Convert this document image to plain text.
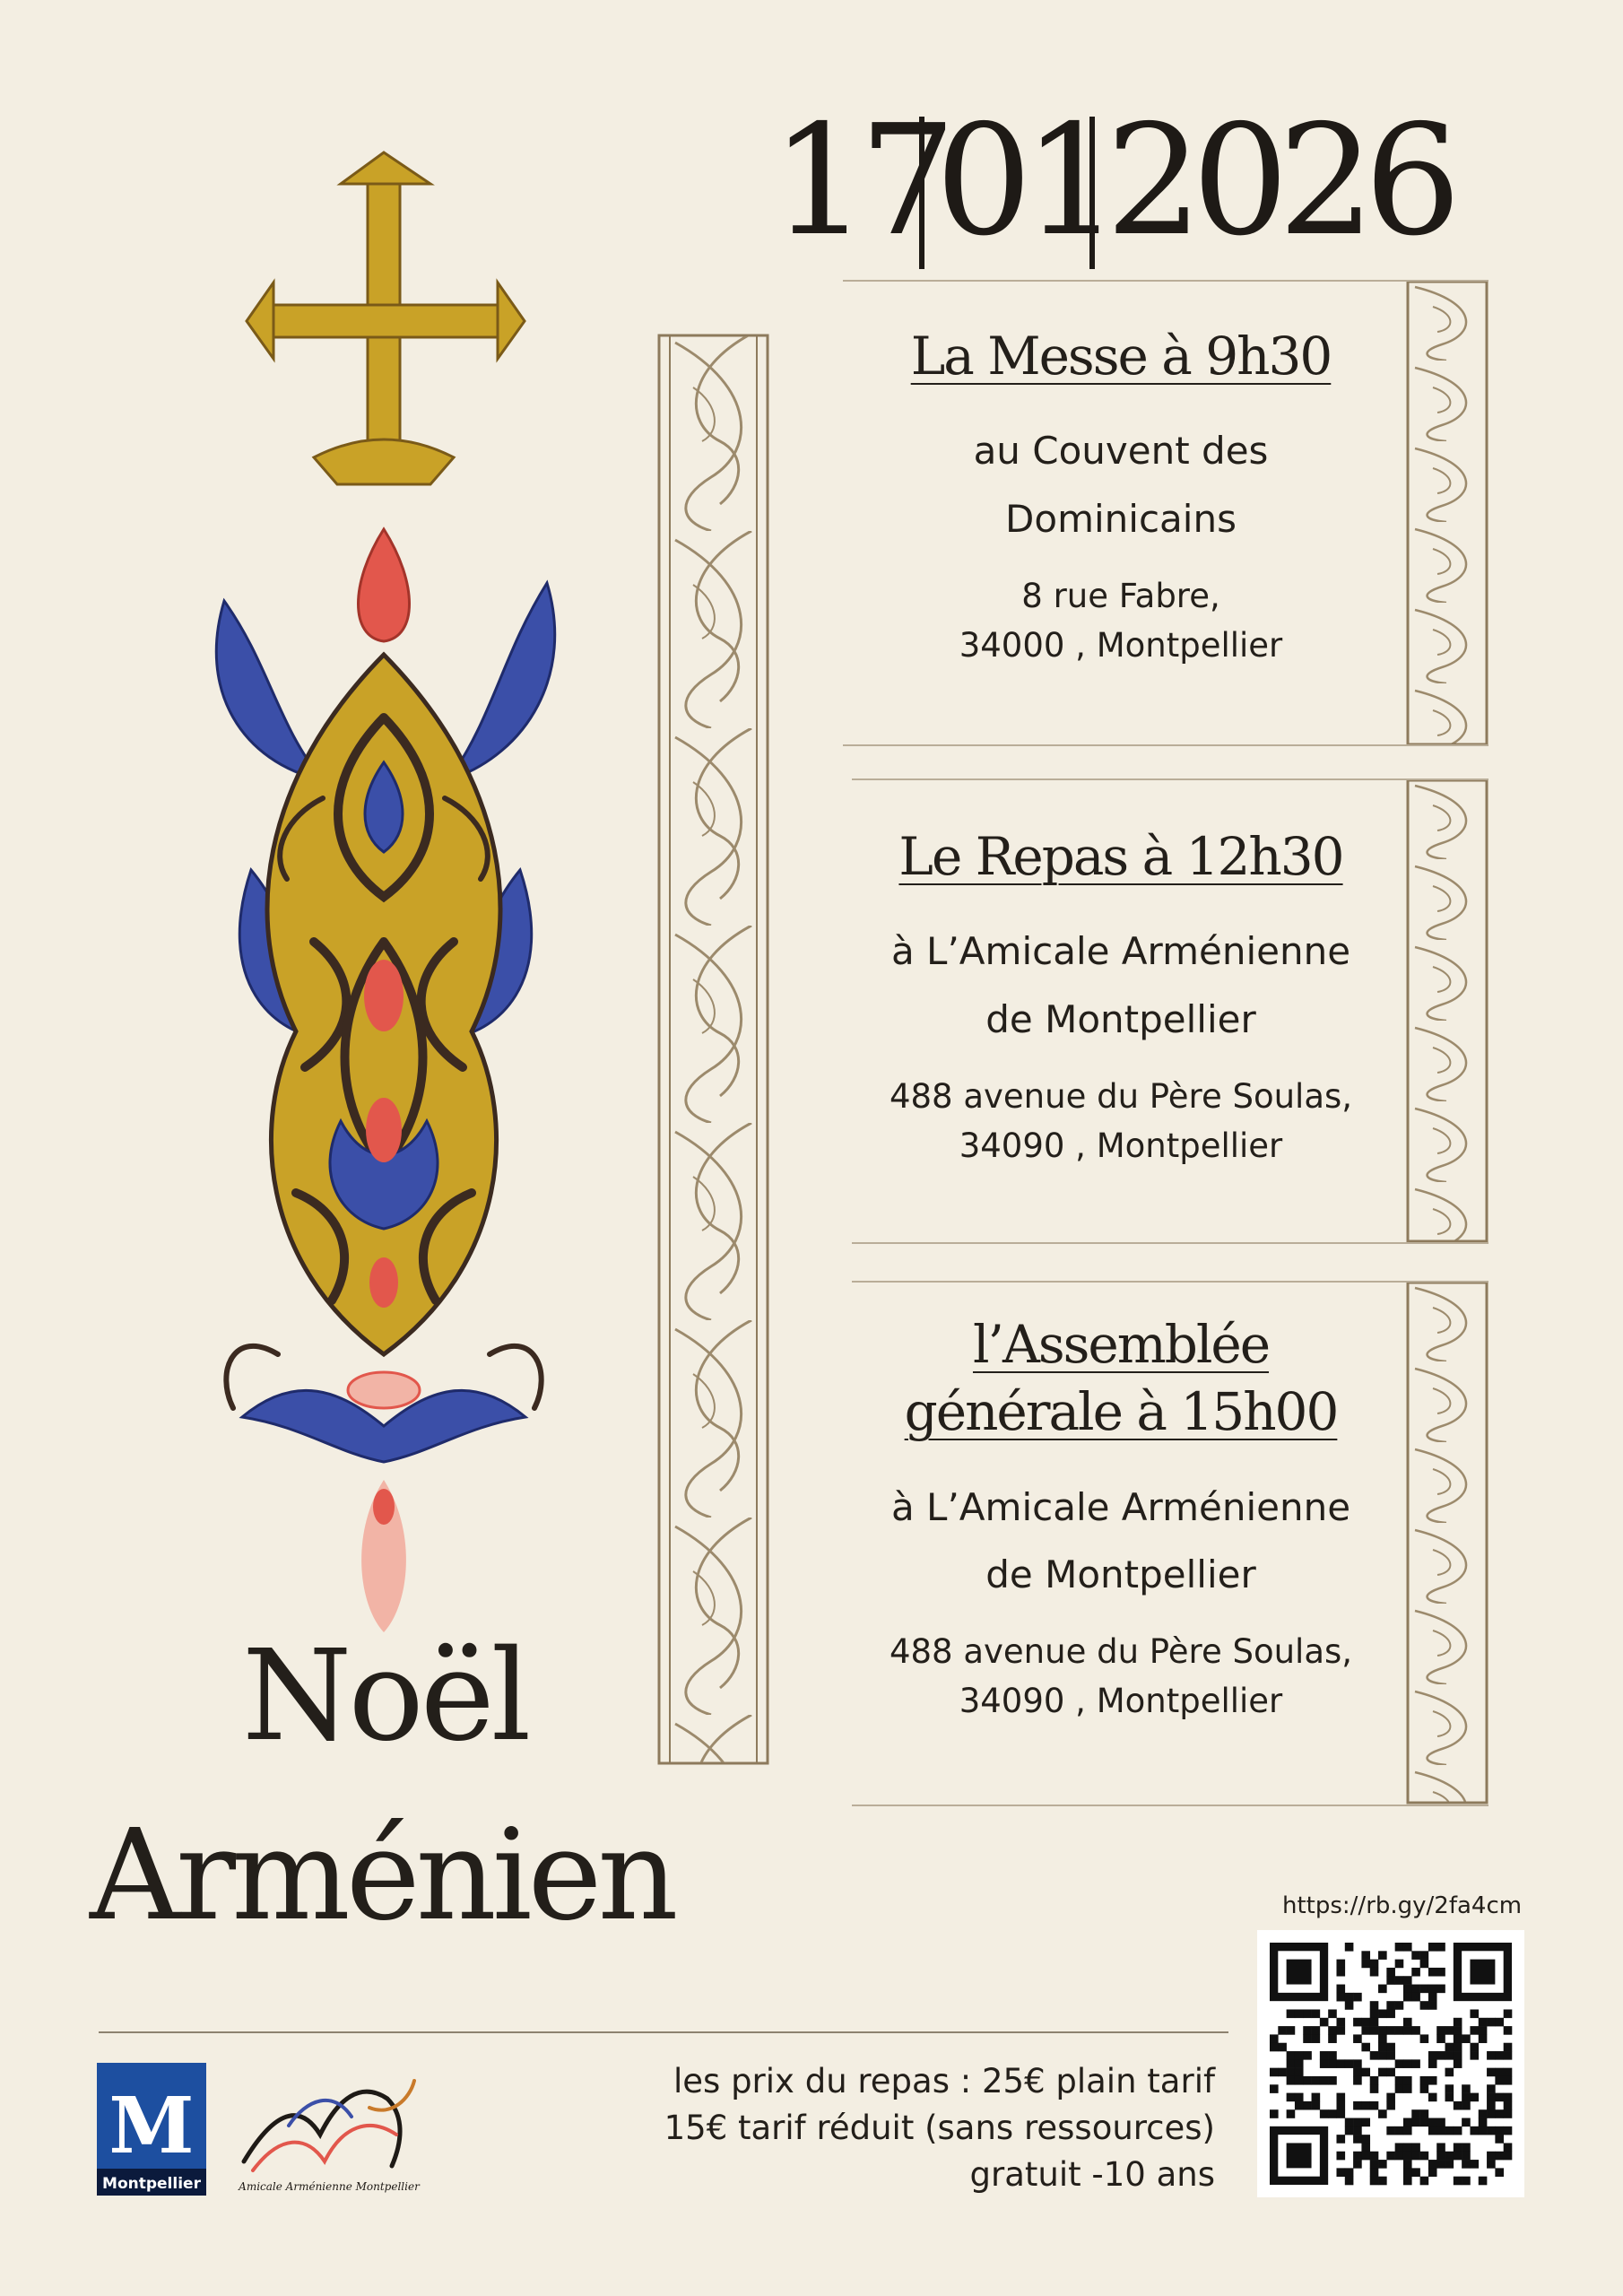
17
01
2026
La Messe à 9h30
au Couvent des
Dominicains
8 rue Fabre,
34000 , Montpellier
Le Repas à 12h30
à L’Amicale Arménienne
de Montpellier
488 avenue du Père Soulas,
34090 , Montpellier
l’Assemblée
générale à 15h00
à L’Amicale Arménienne
de Montpellier
488 avenue du Père Soulas,
34090 , Montpellier
Noël
Arménien
M
Montpellier	Amicale Arménienne Montpellier
les prix du repas : 25€ plain tarif
15€ tarif réduit (sans ressources)
gratuit -10 ans
https://rb.gy/2fa4cm
